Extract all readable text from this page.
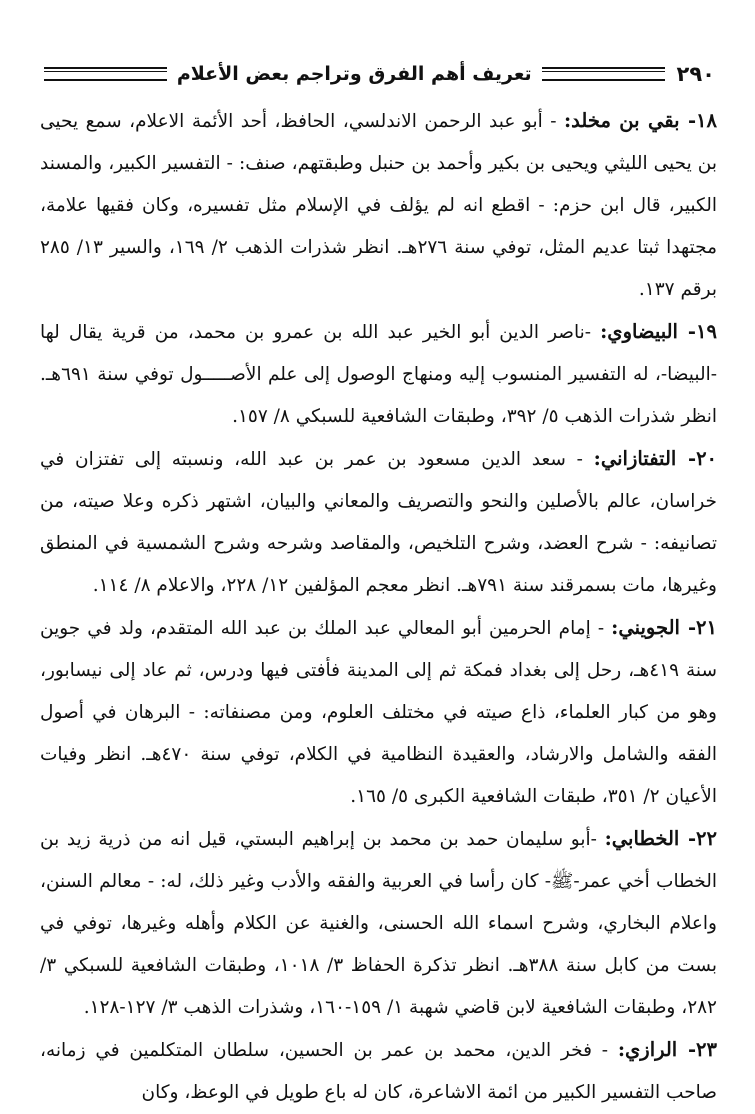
٢٩٠
تعريف أهم الفرق وتراجم بعض الأعلام

١٨- بقي بن مخلد: - أبو عبد الرحمن الاندلسي، الحافظ، أحد الأئمة الاعلام، سمع يحيى بن يحيى الليثي ويحيى بن بكير وأحمد بن حنبل وطبقتهم، صنف: - التفسير الكبير، والمسند الكبير، قال ابن حزم: - اقطع انه لم يؤلف في الإسلام مثل تفسيره، وكان فقيها علامة، مجتهدا ثبتا عديم المثل، توفي سنة ٢٧٦هـ. انظر شذرات الذهب ٢/ ١٦٩، والسير ١٣/ ٢٨٥ برقم ١٣٧.

١٩- البيضاوي: -ناصر الدين أبو الخير عبد الله بن عمرو بن محمد، من قرية يقال لها -البيضا-، له التفسير المنسوب إليه ومنهاج الوصول إلى علم الأصـــــول توفي سنة ٦٩١هـ. انظر شذرات الذهب ٥/ ٣٩٢، وطبقات الشافعية للسبكي ٨/ ١٥٧.

٢٠- التفتازاني: - سعد الدين مسعود بن عمر بن عبد الله، ونسبته إلى تفتزان في خراسان، عالم بالأصلين والنحو والتصريف والمعاني والبيان، اشتهر ذكره وعلا صيته، من تصانيفه: - شرح العضد، وشرح التلخيص، والمقاصد وشرحه وشرح الشمسية في المنطق وغيرها، مات بسمرقند سنة ٧٩١هـ. انظر معجم المؤلفين ١٢/ ٢٢٨، والاعلام ٨/ ١١٤.

٢١- الجويني: - إمام الحرمين أبو المعالي عبد الملك بن عبد الله المتقدم، ولد في جوين سنة ٤١٩هـ، رحل إلى بغداد فمكة ثم إلى المدينة فأفتى فيها ودرس، ثم عاد إلى نيسابور، وهو من كبار العلماء، ذاع صيته في مختلف العلوم، ومن مصنفاته: - البرهان في أصول الفقه والشامل والارشاد، والعقيدة النظامية في الكلام، توفي سنة ٤٧٠هـ. انظر وفيات الأعيان ٢/ ٣٥١، طبقات الشافعية الكبرى ٥/ ١٦٥.

٢٢- الخطابي: -أبو سليمان حمد بن محمد بن إبراهيم البستي، قيل انه من ذرية زيد بن الخطاب أخي عمر-ﷺ- كان رأسا في العربية والفقه والأدب وغير ذلك، له: - معالم السنن، واعلام البخاري، وشرح اسماء الله الحسنى، والغنية عن الكلام وأهله وغيرها، توفي في بست من كابل سنة ٣٨٨هـ. انظر تذكرة الحفاظ ٣/ ١٠١٨، وطبقات الشافعية للسبكي ٣/ ٢٨٢، وطبقات الشافعية لابن قاضي شهبة ١/ ١٥٩-١٦٠، وشذرات الذهب ٣/ ١٢٧-١٢٨.

٢٣- الرازي: - فخر الدين، محمد بن عمر بن الحسين، سلطان المتكلمين في زمانه، صاحب التفسير الكبير من ائمة الاشاعرة، كان له باع طويل في الوعظ، وكان
